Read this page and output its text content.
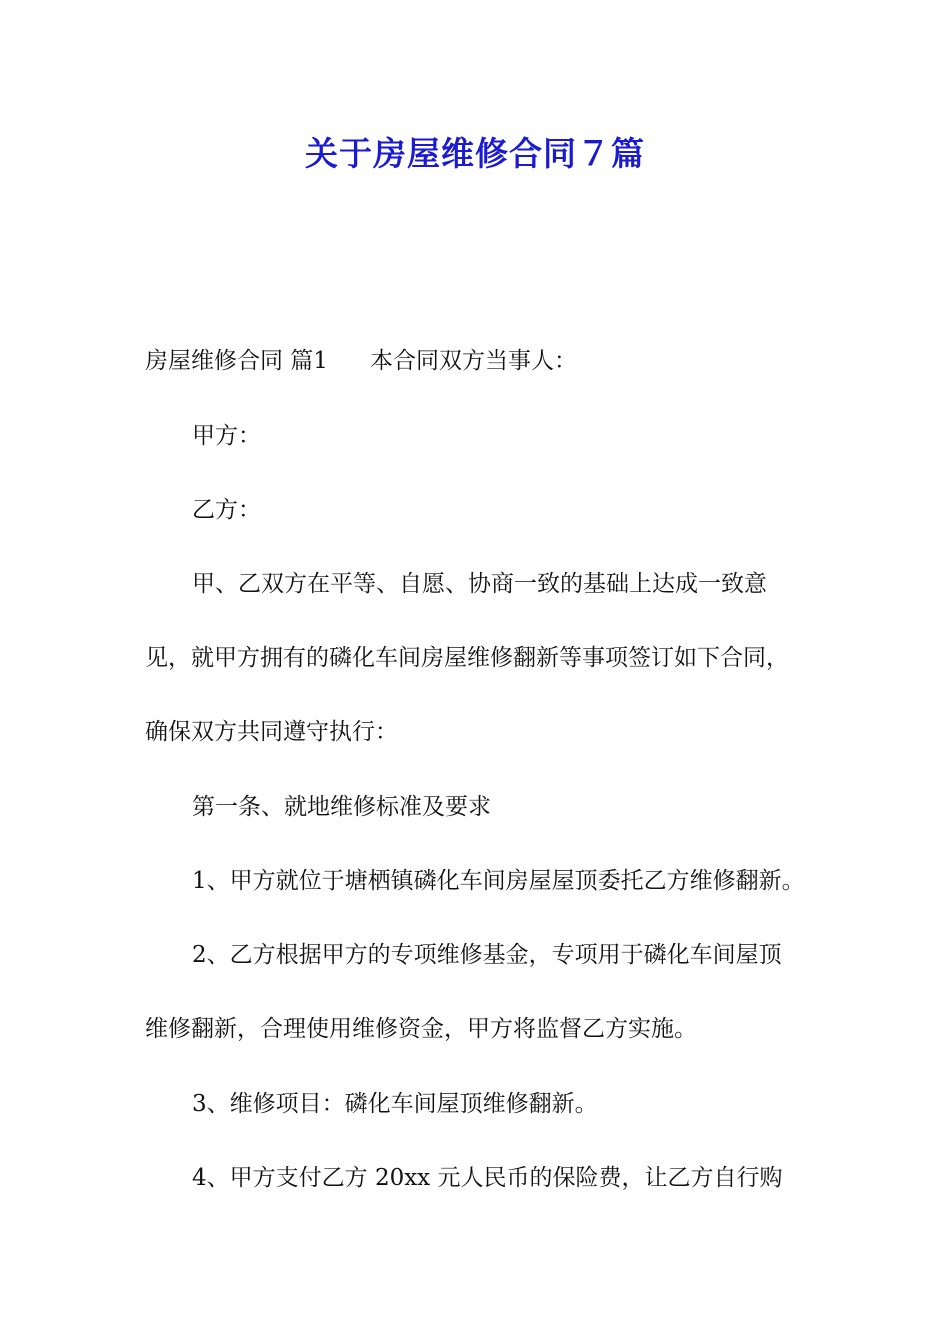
关于房屋维修合同７篇

房屋维修合同 篇1 本合同双方当事人：

甲方：

乙方：

甲、乙双方在平等、自愿、协商一致的基础上达成一致意

见，就甲方拥有的磷化车间房屋维修翻新等事项签订如下合同，

确保双方共同遵守执行：

第一条、就地维修标准及要求

1、甲方就位于塘栖镇磷化车间房屋屋顶委托乙方维修翻新。

2、乙方根据甲方的专项维修基金，专项用于磷化车间屋顶

维修翻新，合理使用维修资金，甲方将监督乙方实施。

3、维修项目：磷化车间屋顶维修翻新。

4、甲方支付乙方 20xx 元人民币的保险费，让乙方自行购
